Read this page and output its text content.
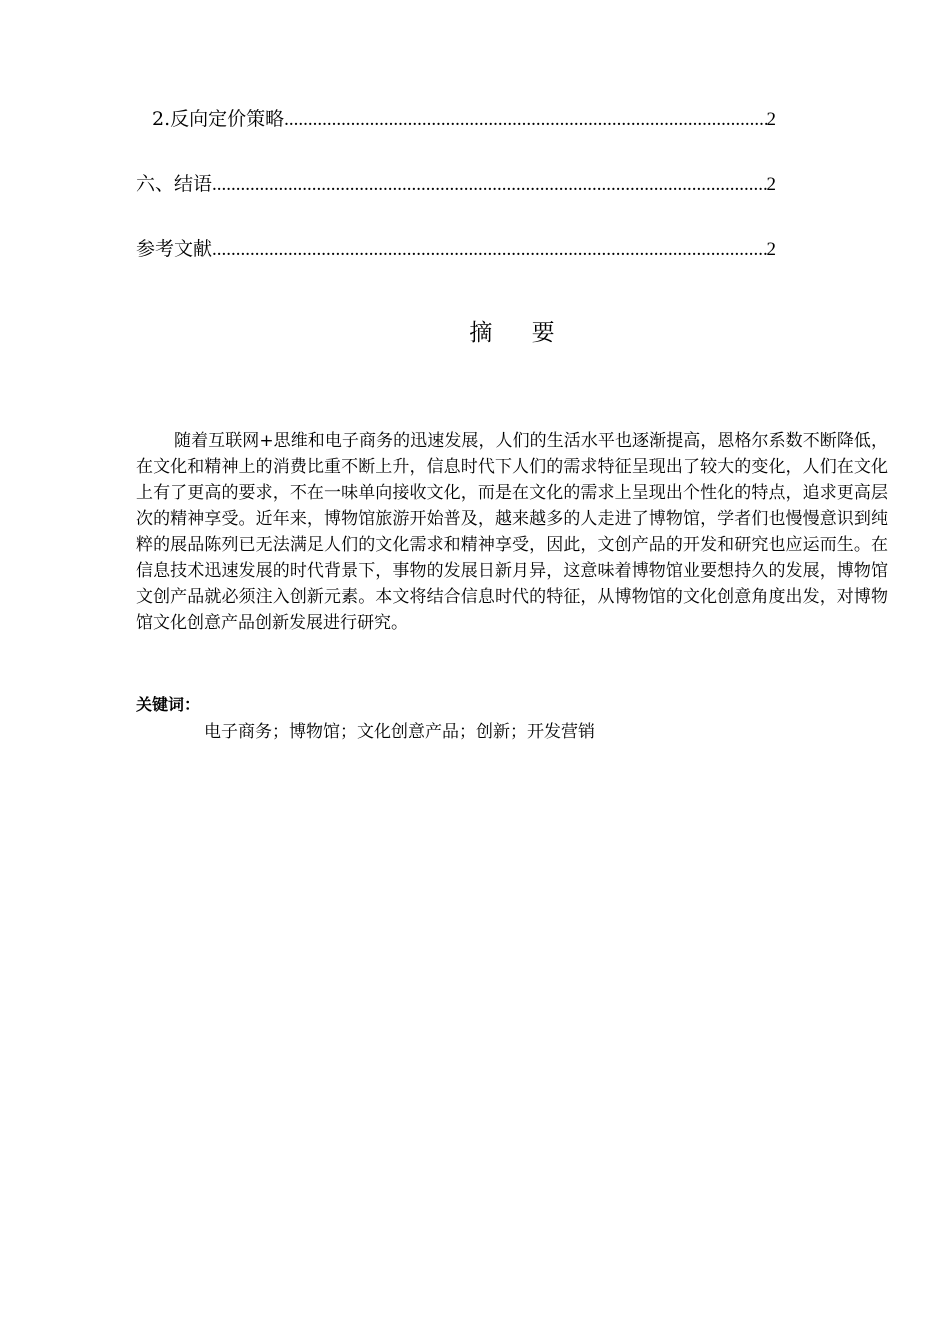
2.反向定价策略 .....	2
六、结语 .....	2
参考文献 .....	2
摘    要

随着互联网+思维和电子商务的迅速发展，人们的生活水平也逐渐提高，恩格尔系数不断降低，在文化和精神上的消费比重不断上升，信息时代下人们的需求特征呈现出了较大的变化，人们在文化上有了更高的要求，不在一味单向接收文化，而是在文化的需求上呈现出个性化的特点，追求更高层次的精神享受。近年来，博物馆旅游开始普及，越来越多的人走进了博物馆，学者们也慢慢意识到纯粹的展品陈列已无法满足人们的文化需求和精神享受，因此，文创产品的开发和研究也应运而生。在信息技术迅速发展的时代背景下，事物的发展日新月异，这意味着博物馆业要想持久的发展，博物馆文创产品就必须注入创新元素。本文将结合信息时代的特征，从博物馆的文化创意角度出发，对博物馆文化创意产品创新发展进行研究。

关键词：
电子商务；博物馆；文化创意产品；创新；开发营销
